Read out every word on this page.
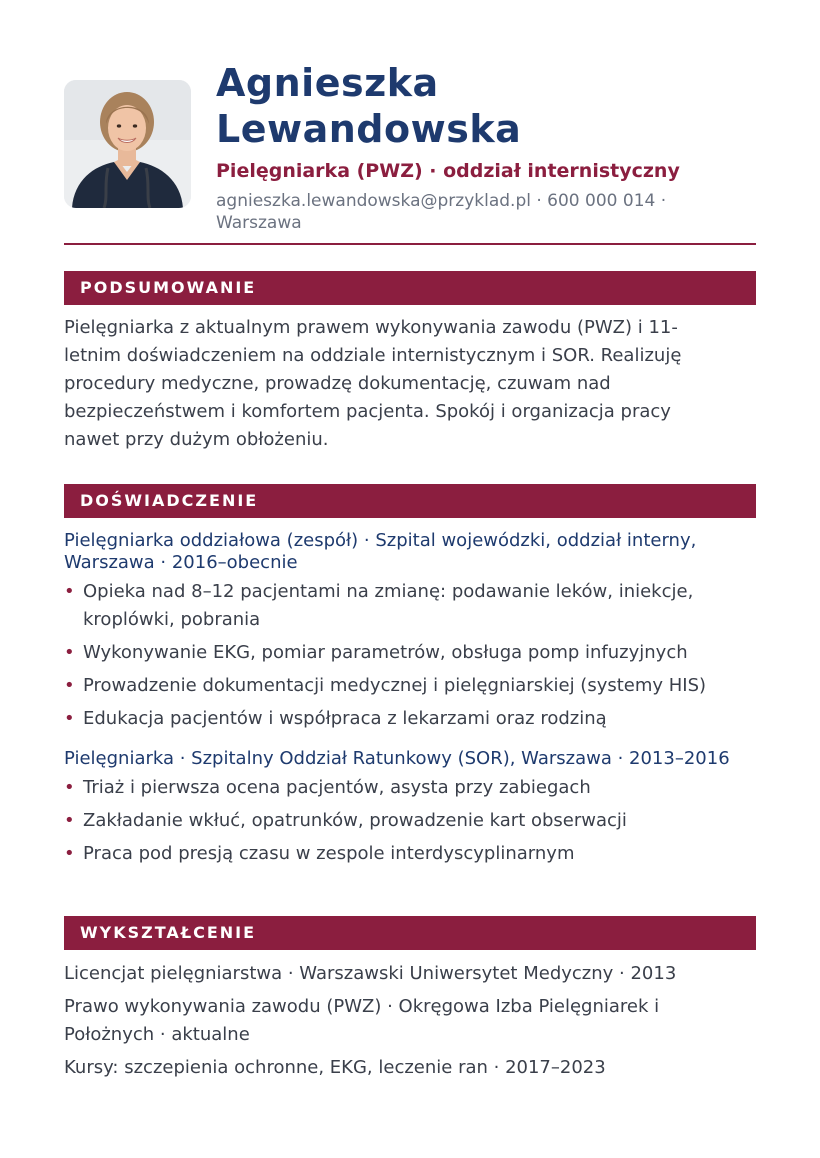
Agnieszka
Lewandowska
Pielęgniarka (PWZ) · oddział internistyczny
agnieszka.lewandowska@przyklad.pl · 600 000 014 · Warszawa
PODSUMOWANIE

Pielęgniarka z aktualnym prawem wykonywania zawodu (PWZ) i 11-letnim doświadczeniem na oddziale internistycznym i SOR. Realizuję procedury medyczne, prowadzę dokumentację, czuwam nad bezpieczeństwem i komfortem pacjenta. Spokój i organizacja pracy nawet przy dużym obłożeniu.

DOŚWIADCZENIE

Pielęgniarka oddziałowa (zespół) · Szpital wojewódzki, oddział interny, Warszawa · 2016–obecnie

• Opieka nad 8–12 pacjentami na zmianę: podawanie leków, iniekcje, kroplówki, pobrania
• Wykonywanie EKG, pomiar parametrów, obsługa pomp infuzyjnych
• Prowadzenie dokumentacji medycznej i pielęgniarskiej (systemy HIS)
• Edukacja pacjentów i współpraca z lekarzami oraz rodziną

Pielęgniarka · Szpitalny Oddział Ratunkowy (SOR), Warszawa · 2013–2016

• Triaż i pierwsza ocena pacjentów, asysta przy zabiegach
• Zakładanie wkłuć, opatrunków, prowadzenie kart obserwacji
• Praca pod presją czasu w zespole interdyscyplinarnym
WYKSZTAŁCENIE

Licencjat pielęgniarstwa · Warszawski Uniwersytet Medyczny · 2013

Prawo wykonywania zawodu (PWZ) · Okręgowa Izba Pielęgniarek i Położnych · aktualne

Kursy: szczepienia ochronne, EKG, leczenie ran · 2017–2023
